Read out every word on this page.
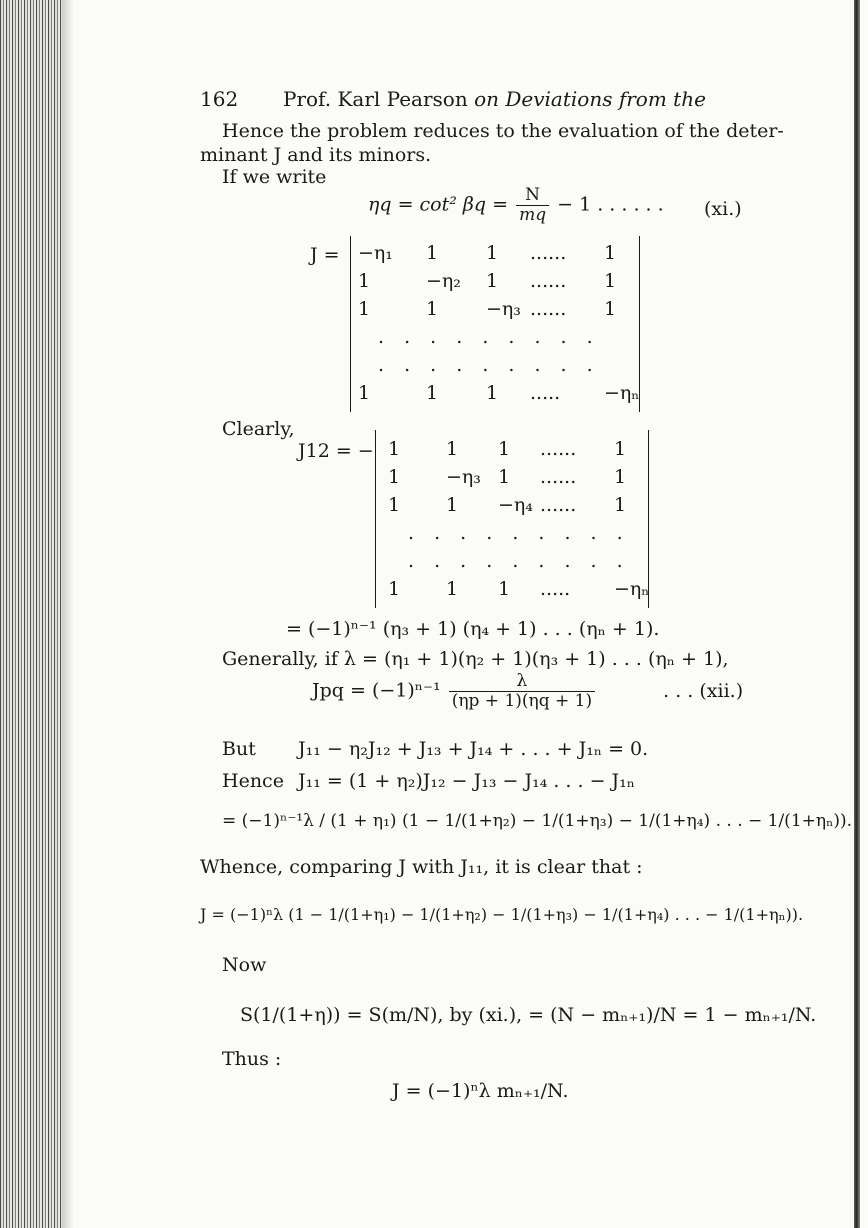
162 Prof. Karl Pearson on Deviations from the
Hence the problem reduces to the evaluation of the deter-
minant J and its minors.
If we write
ηq = cot² $\beta q = \frac{N}{mq} - 1$ . . . . . . (xi.)
J = −η₁ 1	1 ...... 1
1	−η₂ 1 ...... 1
1	1	−η₃ ...... 1
. . . . . . . . .
. . . . . . . . .
1	1	1 ..... −ηₙ
Clearly,
J12 = − 1 1 1 ...... 1
1 −η₃ 1 ...... 1
1 1 −η₄ ...... 1
. . . . . . . . .
. . . . . . . . .
1 1 1 ..... −ηₙ
= (−1)ⁿ⁻¹ (η₃ + 1) (η₄ + 1) . . . (ηₙ + 1).
Generally, if λ = (η₁ + 1)(η₂ + 1)(η₃ + 1) . . . (ηₙ + 1),
Jpq = $(-1)^{n-1} \frac{\lambda}{(\eta p + 1)(\eta q + 1)}$	. . . (xii.)
But J₁₁ − η₂J₁₂ + J₁₃ + J₁₄ + . . . + J₁ₙ = 0.
Hence J₁₁ = (1 + η₂)J₁₂ − J₁₃ − J₁₄ . . . − J₁ₙ
= (−1)ⁿ⁻¹λ / (1 + η₁) (1 − 1/(1+η₂) − 1/(1+η₃) − 1/(1+η₄) . . . − 1/(1+ηₙ)).
Whence, comparing J with J₁₁, it is clear that :
J = (−1)ⁿλ (1 − 1/(1+η₁) − 1/(1+η₂) − 1/(1+η₃) − 1/(1+η₄) . . . − 1/(1+ηₙ)).
Now
S(1/(1+η)) = S(m/N), by (xi.), = (N − mₙ₊₁)/N = 1 − mₙ₊₁/N.
Thus :
J = (−1)ⁿλ mₙ₊₁/N.
